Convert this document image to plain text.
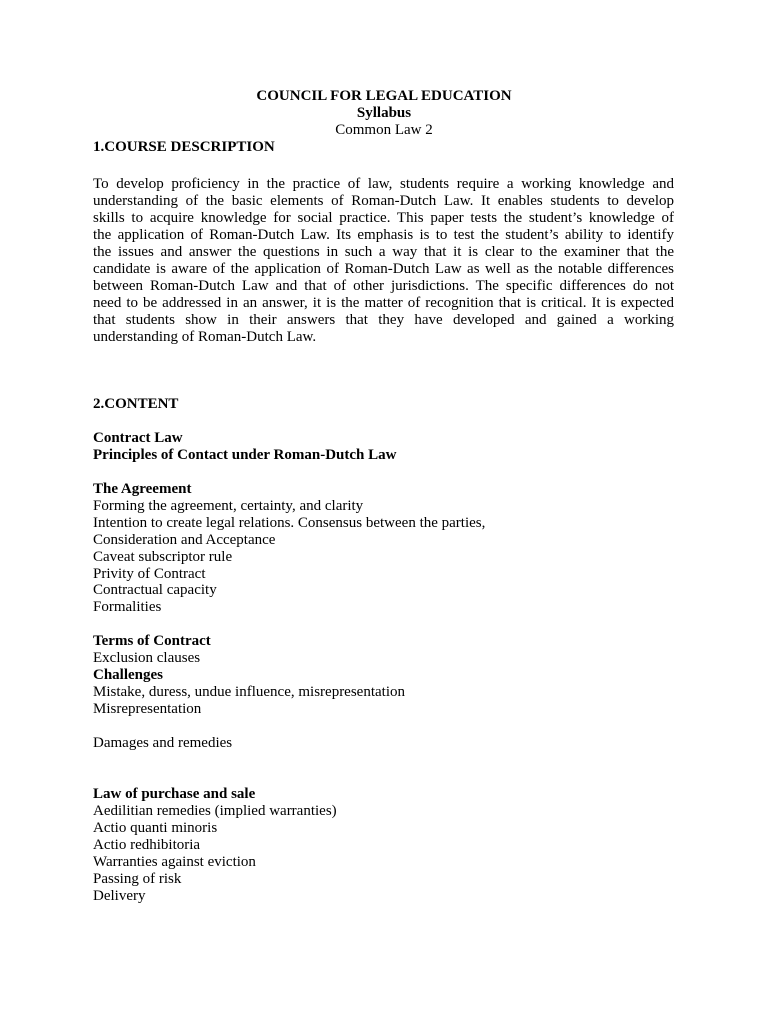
COUNCIL FOR LEGAL EDUCATION
Syllabus
Common Law 2
1.COURSE DESCRIPTION
To develop proficiency in the practice of law, students require a working knowledge and
understanding of the basic elements of Roman-Dutch Law. It enables students to develop
skills to acquire knowledge for social practice. This paper tests the student’s knowledge of
the application of Roman-Dutch Law. Its emphasis is to test the student’s ability to identify
the issues and answer the questions in such a way that it is clear to the examiner that the
candidate is aware of the application of Roman-Dutch Law as well as the notable differences
between Roman-Dutch Law and that of other jurisdictions. The specific differences do not
need to be addressed in an answer, it is the matter of recognition that is critical. It is expected
that students show in their answers that they have developed and gained a working
understanding of Roman-Dutch Law.
2.CONTENT
Contract Law
Principles of Contact under Roman-Dutch Law
The Agreement
Forming the agreement, certainty, and clarity
Intention to create legal relations. Consensus between the parties,
Consideration and Acceptance
Caveat subscriptor rule
Privity of Contract
Contractual capacity
Formalities
Terms of Contract
Exclusion clauses
Challenges
Mistake, duress, undue influence, misrepresentation
Misrepresentation
Damages and remedies
Law of purchase and sale
Aedilitian remedies (implied warranties)
Actio quanti minoris
Actio redhibitoria
Warranties against eviction
Passing of risk
Delivery
